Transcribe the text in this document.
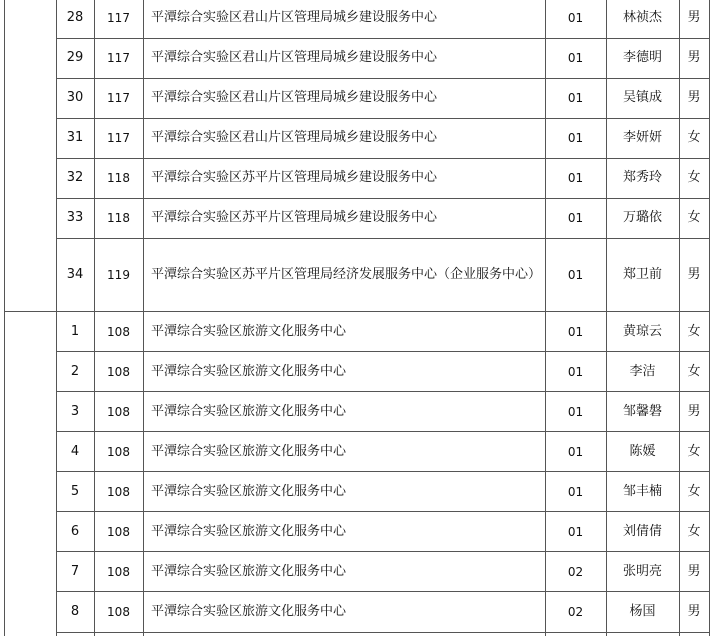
28 117 平潭综合实验区君山片区管理局城乡建设服务中心	01	林祯杰 男
29 117 平潭综合实验区君山片区管理局城乡建设服务中心	01	李德明 男
30 117 平潭综合实验区君山片区管理局城乡建设服务中心	01	吴镇成 男
31 117 平潭综合实验区君山片区管理局城乡建设服务中心	01	李妍妍 女
32 118 平潭综合实验区苏平片区管理局城乡建设服务中心	01	郑秀玲 女
33 118 平潭综合实验区苏平片区管理局城乡建设服务中心	01	万璐依 女
34 119 平潭综合实验区苏平片区管理局经济发展服务中心（企业服务中心） 01	郑卫前 男
1 108 平潭综合实验区旅游文化服务中心	01	黄琼云 女
2 108 平潭综合实验区旅游文化服务中心	01	李洁 女
3 108 平潭综合实验区旅游文化服务中心	01	邹馨磐 男
4 108 平潭综合实验区旅游文化服务中心	01	陈媛 女
5 108 平潭综合实验区旅游文化服务中心	01	邹丰楠 女
6 108 平潭综合实验区旅游文化服务中心	01	刘倩倩 女
7 108 平潭综合实验区旅游文化服务中心	02	张明亮 男
8 108 平潭综合实验区旅游文化服务中心	02	杨国 男
